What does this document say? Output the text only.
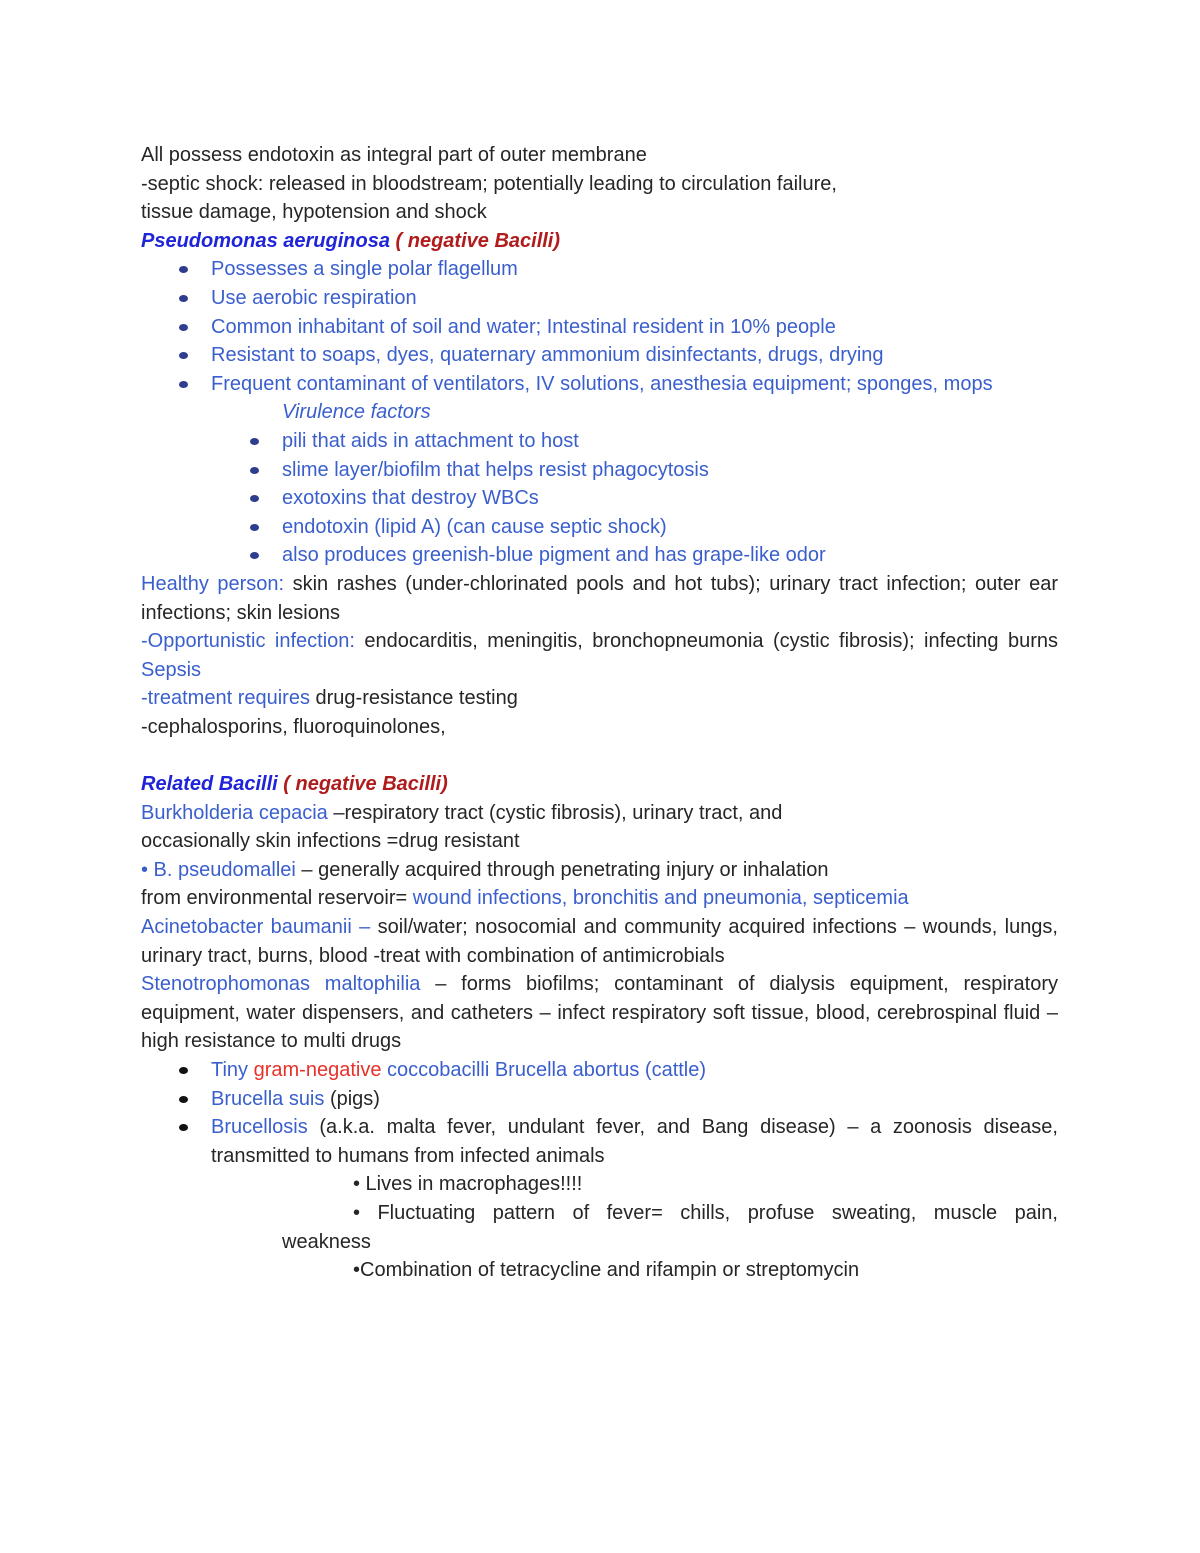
All possess endotoxin as integral part of outer membrane
-septic shock: released in bloodstream; potentially leading to circulation failure,
tissue damage, hypotension and shock
Pseudomonas aeruginosa ( negative Bacilli)
Possesses a single polar flagellum
Use aerobic respiration
Common inhabitant of soil and water; Intestinal resident in 10% people
Resistant to soaps, dyes, quaternary ammonium disinfectants, drugs, drying
Frequent contaminant of ventilators, IV solutions, anesthesia equipment; sponges, mops
Virulence factors
pili that aids in attachment to host
slime layer/biofilm that helps resist phagocytosis
exotoxins that destroy WBCs
endotoxin (lipid A) (can cause septic shock)
also produces greenish-blue pigment and has grape-like odor
Healthy person: skin rashes (under-chlorinated pools and hot tubs); urinary tract infection; outer ear infections; skin lesions
-Opportunistic infection: endocarditis, meningitis, bronchopneumonia (cystic fibrosis); infecting burns Sepsis
-treatment requires drug-resistance testing
-cephalosporins, fluoroquinolones,
Related Bacilli ( negative Bacilli)
Burkholderia cepacia –respiratory tract (cystic fibrosis), urinary tract, and
occasionally skin infections =drug resistant
• B. pseudomallei – generally acquired through penetrating injury or inhalation
from environmental reservoir= wound infections, bronchitis and pneumonia, septicemia
Acinetobacter baumanii – soil/water; nosocomial and community acquired infections – wounds, lungs, urinary tract, burns, blood -treat with combination of antimicrobials
Stenotrophomonas maltophilia – forms biofilms; contaminant of dialysis equipment, respiratory equipment, water dispensers, and catheters – infect respiratory soft tissue, blood, cerebrospinal fluid – high resistance to multi drugs
Tiny gram-negative coccobacilli Brucella abortus (cattle)
Brucella suis (pigs)
Brucellosis (a.k.a. malta fever, undulant fever, and Bang disease) – a zoonosis disease, transmitted to humans from infected animals
• Lives in macrophages!!!!
• Fluctuating pattern of fever= chills, profuse sweating, muscle pain,
weakness
•Combination of tetracycline and rifampin or streptomycin
